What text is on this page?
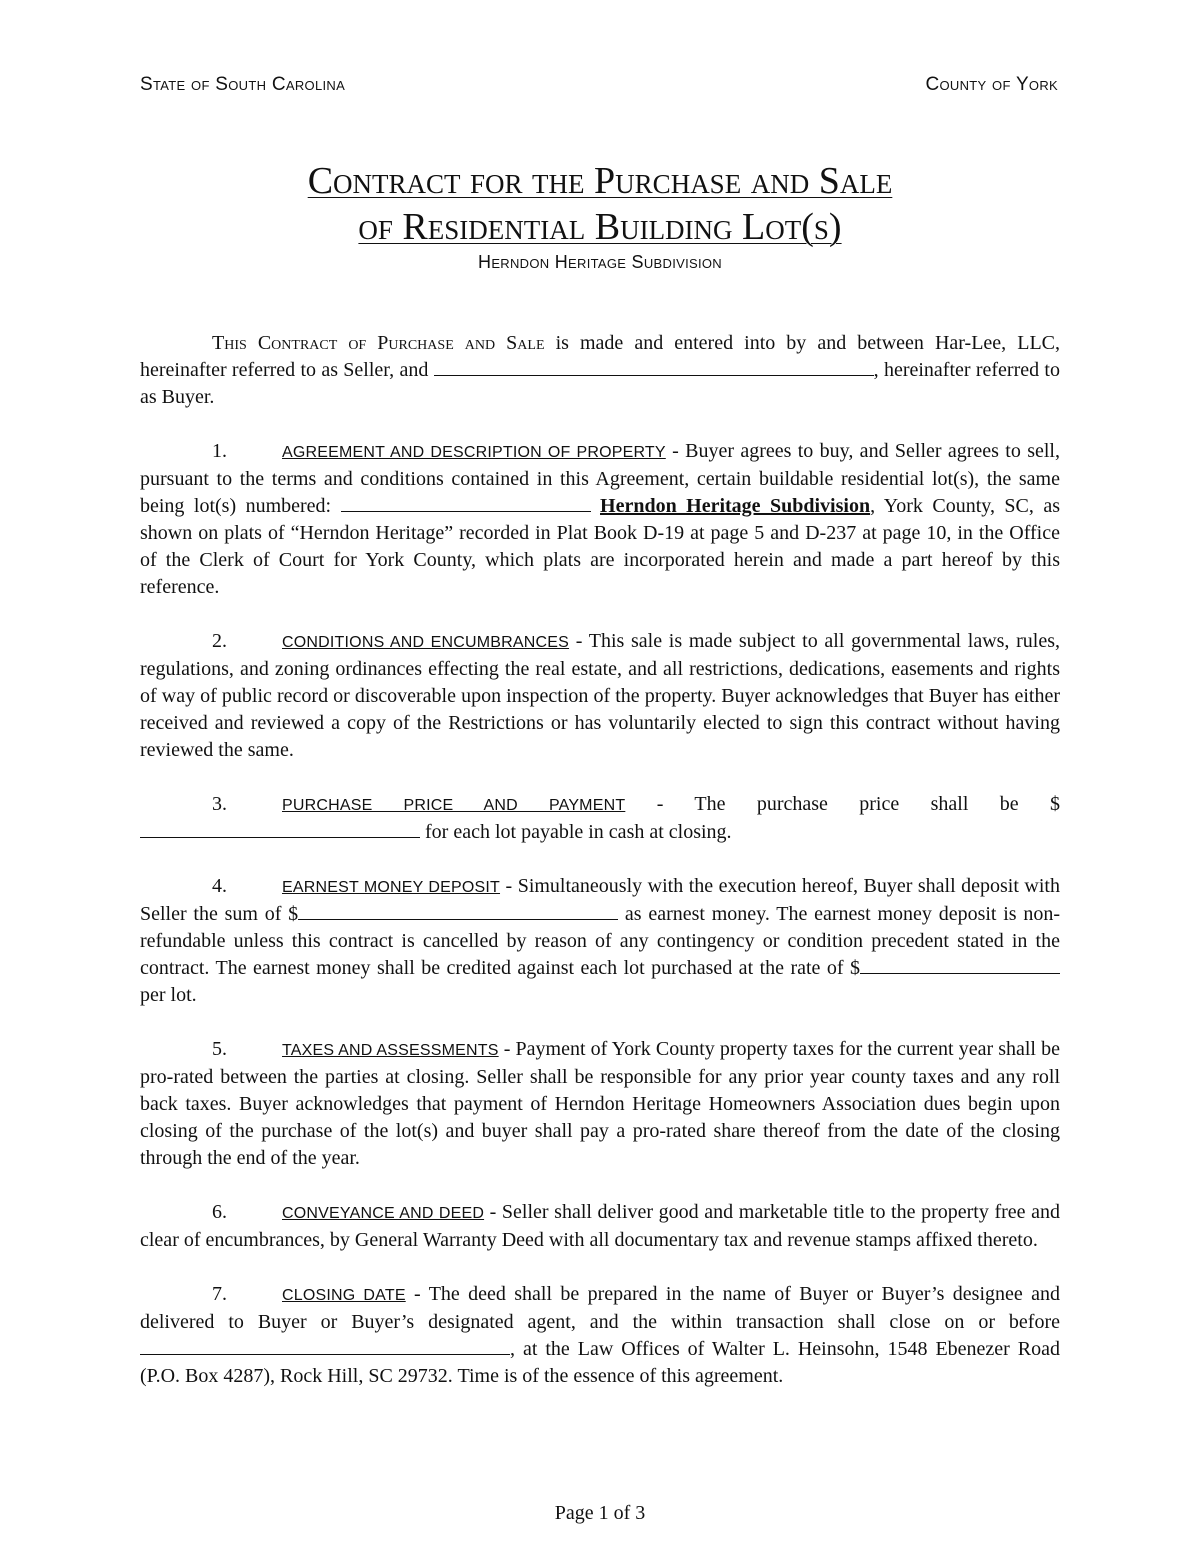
State of South Carolina	County of York
Contract for the Purchase and Sale
of Residential Building Lot(s)
Herndon Heritage Subdivision

This Contract of Purchase and Sale is made and entered into by and between Har-Lee, LLC, hereinafter referred to as Seller, and	, hereinafter referred to as Buyer.

1.	AGREEMENT AND DESCRIPTION OF PROPERTY - Buyer agrees to buy, and Seller agrees to sell, pursuant to the terms and conditions contained in this Agreement, certain buildable residential lot(s), the same being lot(s) numbered:	Herndon Heritage Subdivision, York County, SC, as shown on plats of “Herndon Heritage” recorded in Plat Book D-19 at page 5 and D-237 at page 10, in the Office of the Clerk of Court for York County, which plats are incorporated herein and made a part hereof by this reference.

2.	CONDITIONS AND ENCUMBRANCES - This sale is made subject to all governmental laws, rules, regulations, and zoning ordinances effecting the real estate, and all restrictions, dedications, easements and rights of way of public record or discoverable upon inspection of the property. Buyer acknowledges that Buyer has either received and reviewed a copy of the Restrictions or has voluntarily elected to sign this contract without having reviewed the same.

3.	PURCHASE PRICE AND PAYMENT - The purchase price shall be $ for each lot payable in cash at closing.

4.	EARNEST MONEY DEPOSIT - Simultaneously with the execution hereof, Buyer shall deposit with Seller the sum of $	as earnest money. The earnest money deposit is non-refundable unless this contract is cancelled by reason of any contingency or condition precedent stated in the contract. The earnest money shall be credited against each lot purchased at the rate of $ per lot.

5.	TAXES AND ASSESSMENTS - Payment of York County property taxes for the current year shall be pro-rated between the parties at closing. Seller shall be responsible for any prior year county taxes and any roll back taxes. Buyer acknowledges that payment of Herndon Heritage Homeowners Association dues begin upon closing of the purchase of the lot(s) and buyer shall pay a pro-rated share thereof from the date of the closing through the end of the year.

6.	CONVEYANCE AND DEED - Seller shall deliver good and marketable title to the property free and clear of encumbrances, by General Warranty Deed with all documentary tax and revenue stamps affixed thereto.

7.	CLOSING DATE - The deed shall be prepared in the name of Buyer or Buyer’s designee and delivered to Buyer or Buyer’s designated agent, and the within transaction shall close on or before , at the Law Offices of Walter L. Heinsohn, 1548 Ebenezer Road (P.O. Box 4287), Rock Hill, SC 29732. Time is of the essence of this agreement.

Page 1 of 3
